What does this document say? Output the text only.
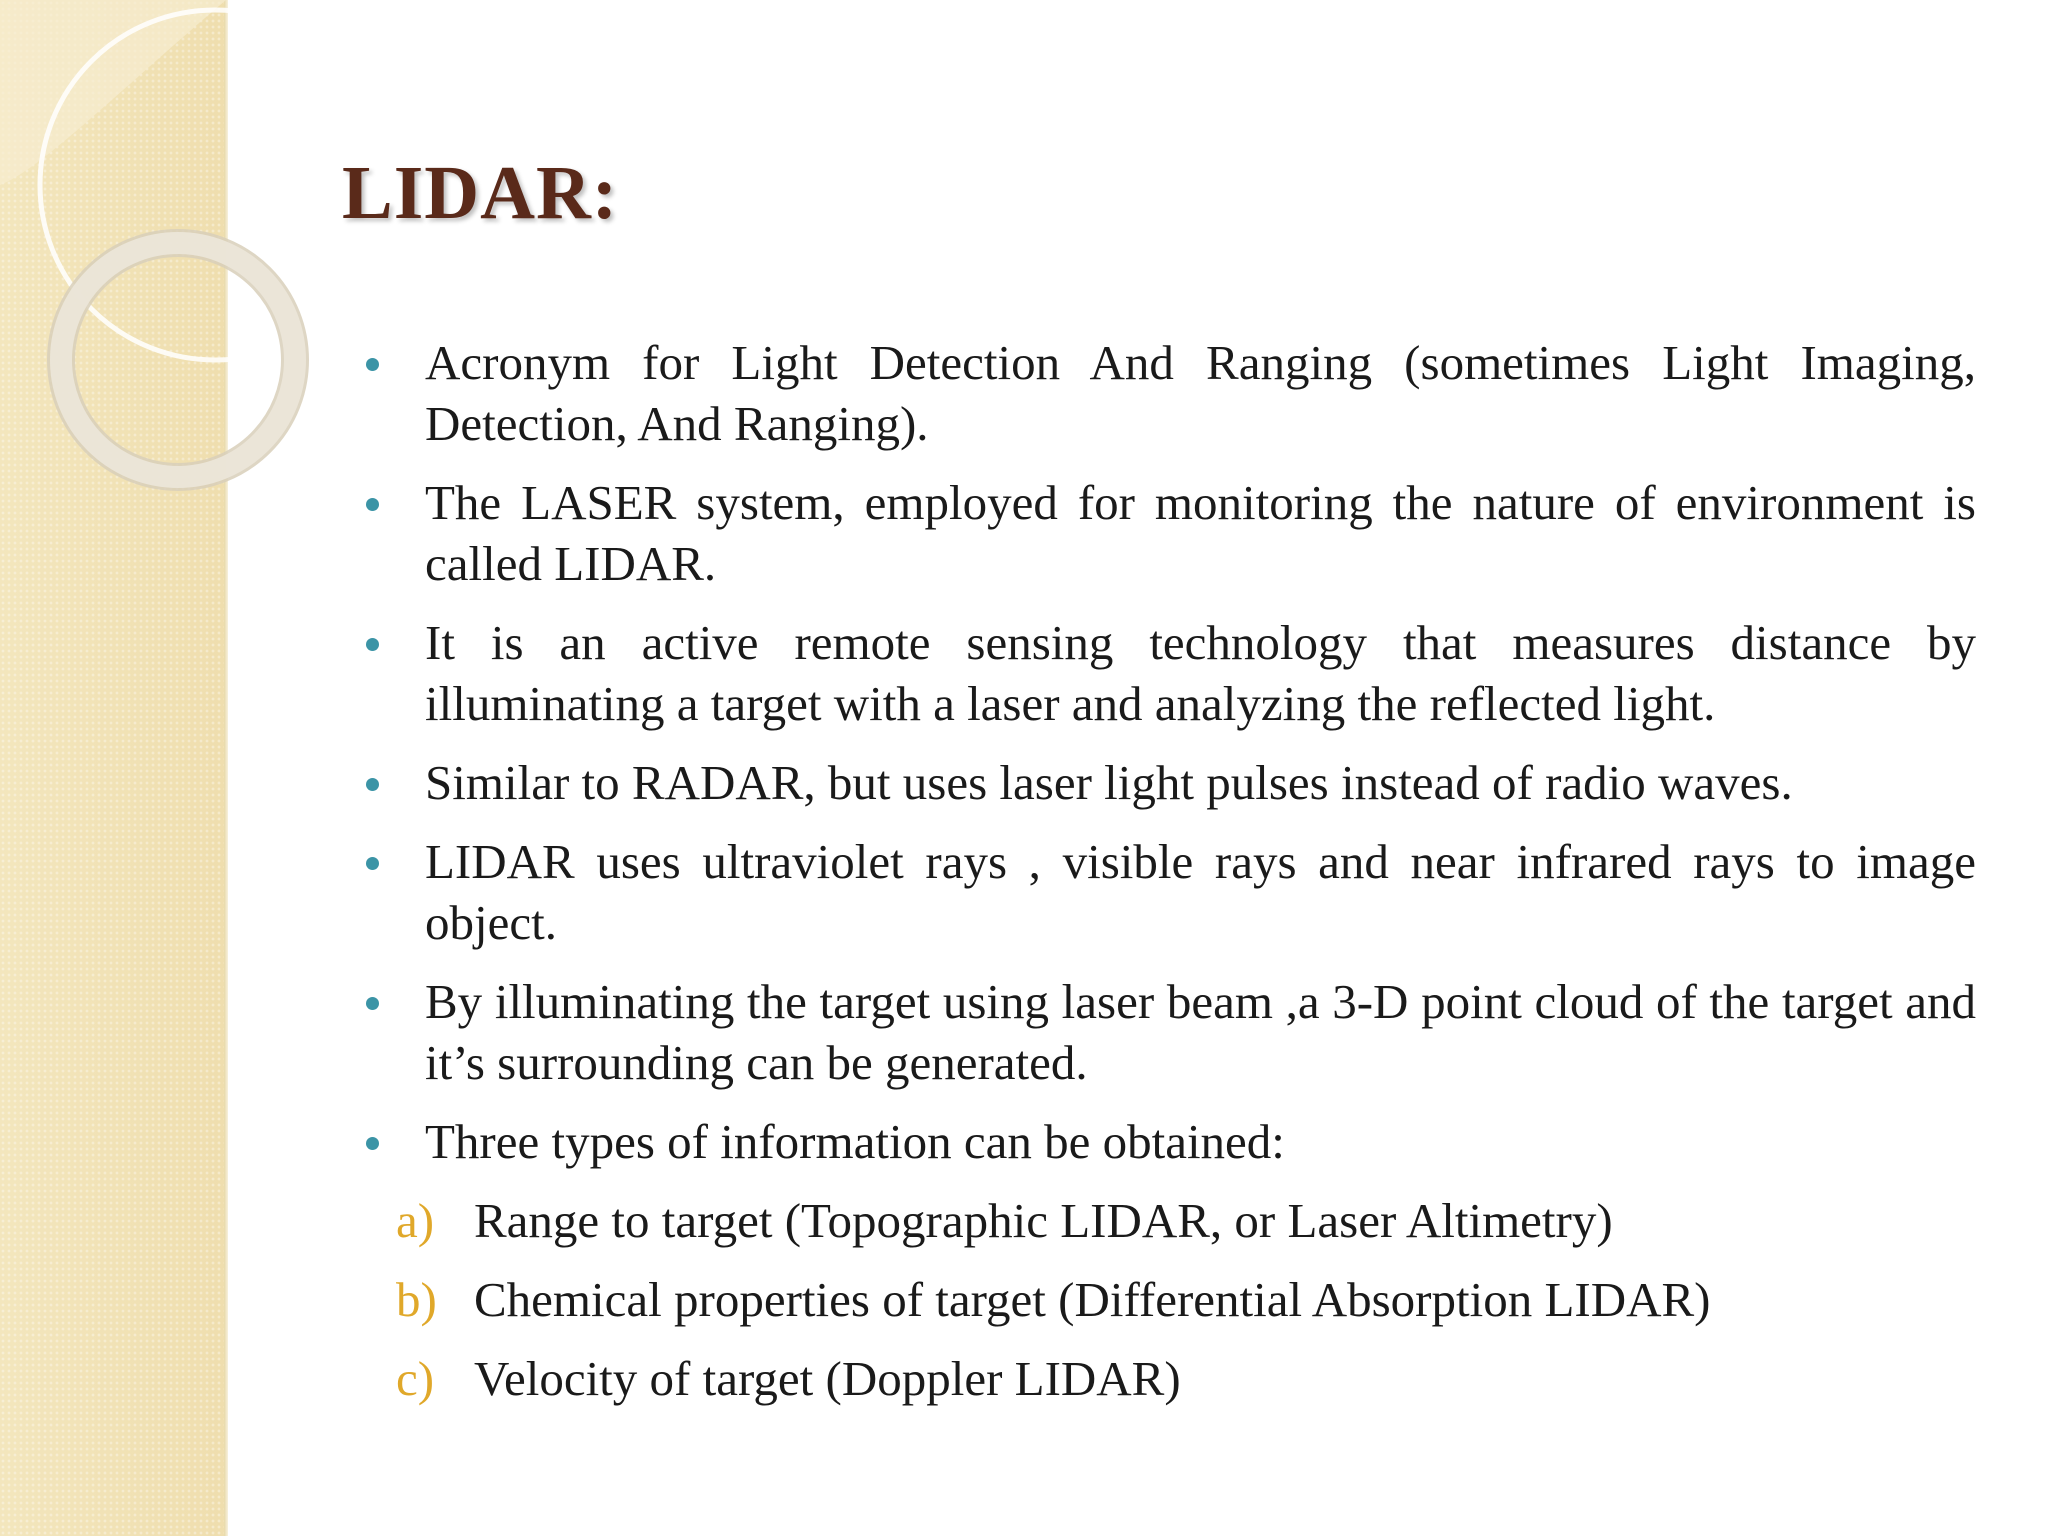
LIDAR:
Acronym for Light Detection And Ranging (sometimes Light Imaging, Detection, And Ranging).
The LASER system, employed for monitoring the nature of environment is called LIDAR.
It is an active remote sensing technology that measures distance by illuminating a target with a laser and analyzing the reflected light.
Similar to RADAR, but uses laser light pulses instead of radio waves.
LIDAR uses ultraviolet rays , visible rays and near infrared rays to image object.
By illuminating the target using laser beam ,a 3-D point cloud of the target and it’s surrounding can be generated.
Three types of information can be obtained:
a) Range to target (Topographic LIDAR, or Laser Altimetry)
b) Chemical properties of target (Differential Absorption LIDAR)
c) Velocity of target (Doppler LIDAR)
